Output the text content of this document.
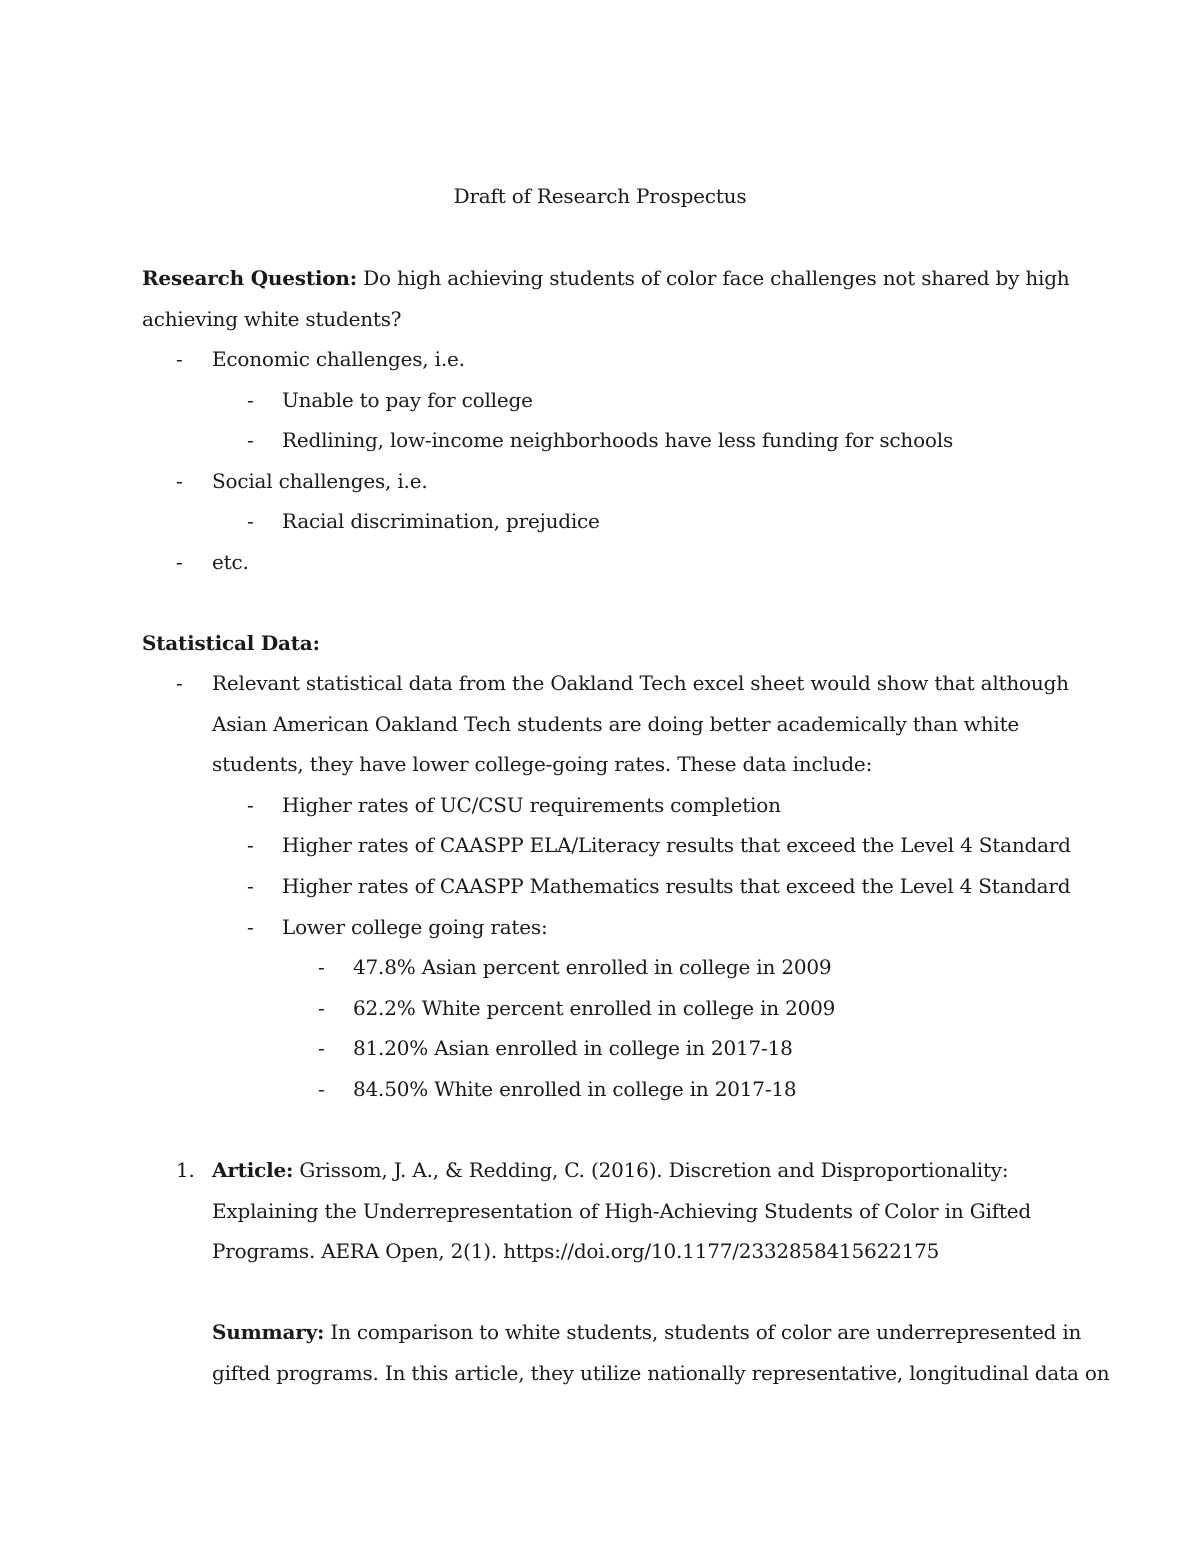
Draft of Research Prospectus
Research Question: Do high achieving students of color face challenges not shared by high
achieving white students?
- Economic challenges, i.e.
- Unable to pay for college
- Redlining, low-income neighborhoods have less funding for schools
- Social challenges, i.e.
- Racial discrimination, prejudice
- etc.
Statistical Data:
- Relevant statistical data from the Oakland Tech excel sheet would show that although
Asian American Oakland Tech students are doing better academically than white
students, they have lower college-going rates. These data include:
- Higher rates of UC/CSU requirements completion
- Higher rates of CAASPP ELA/Literacy results that exceed the Level 4 Standard
- Higher rates of CAASPP Mathematics results that exceed the Level 4 Standard
- Lower college going rates:
- 47.8% Asian percent enrolled in college in 2009
- 62.2% White percent enrolled in college in 2009
- 81.20% Asian enrolled in college in 2017-18
- 84.50% White enrolled in college in 2017-18
1. Article: Grissom, J. A., & Redding, C. (2016). Discretion and Disproportionality:
Explaining the Underrepresentation of High-Achieving Students of Color in Gifted
Programs. AERA Open, 2(1). https://doi.org/10.1177/2332858415622175
Summary: In comparison to white students, students of color are underrepresented in
gifted programs. In this article, they utilize nationally representative, longitudinal data on
